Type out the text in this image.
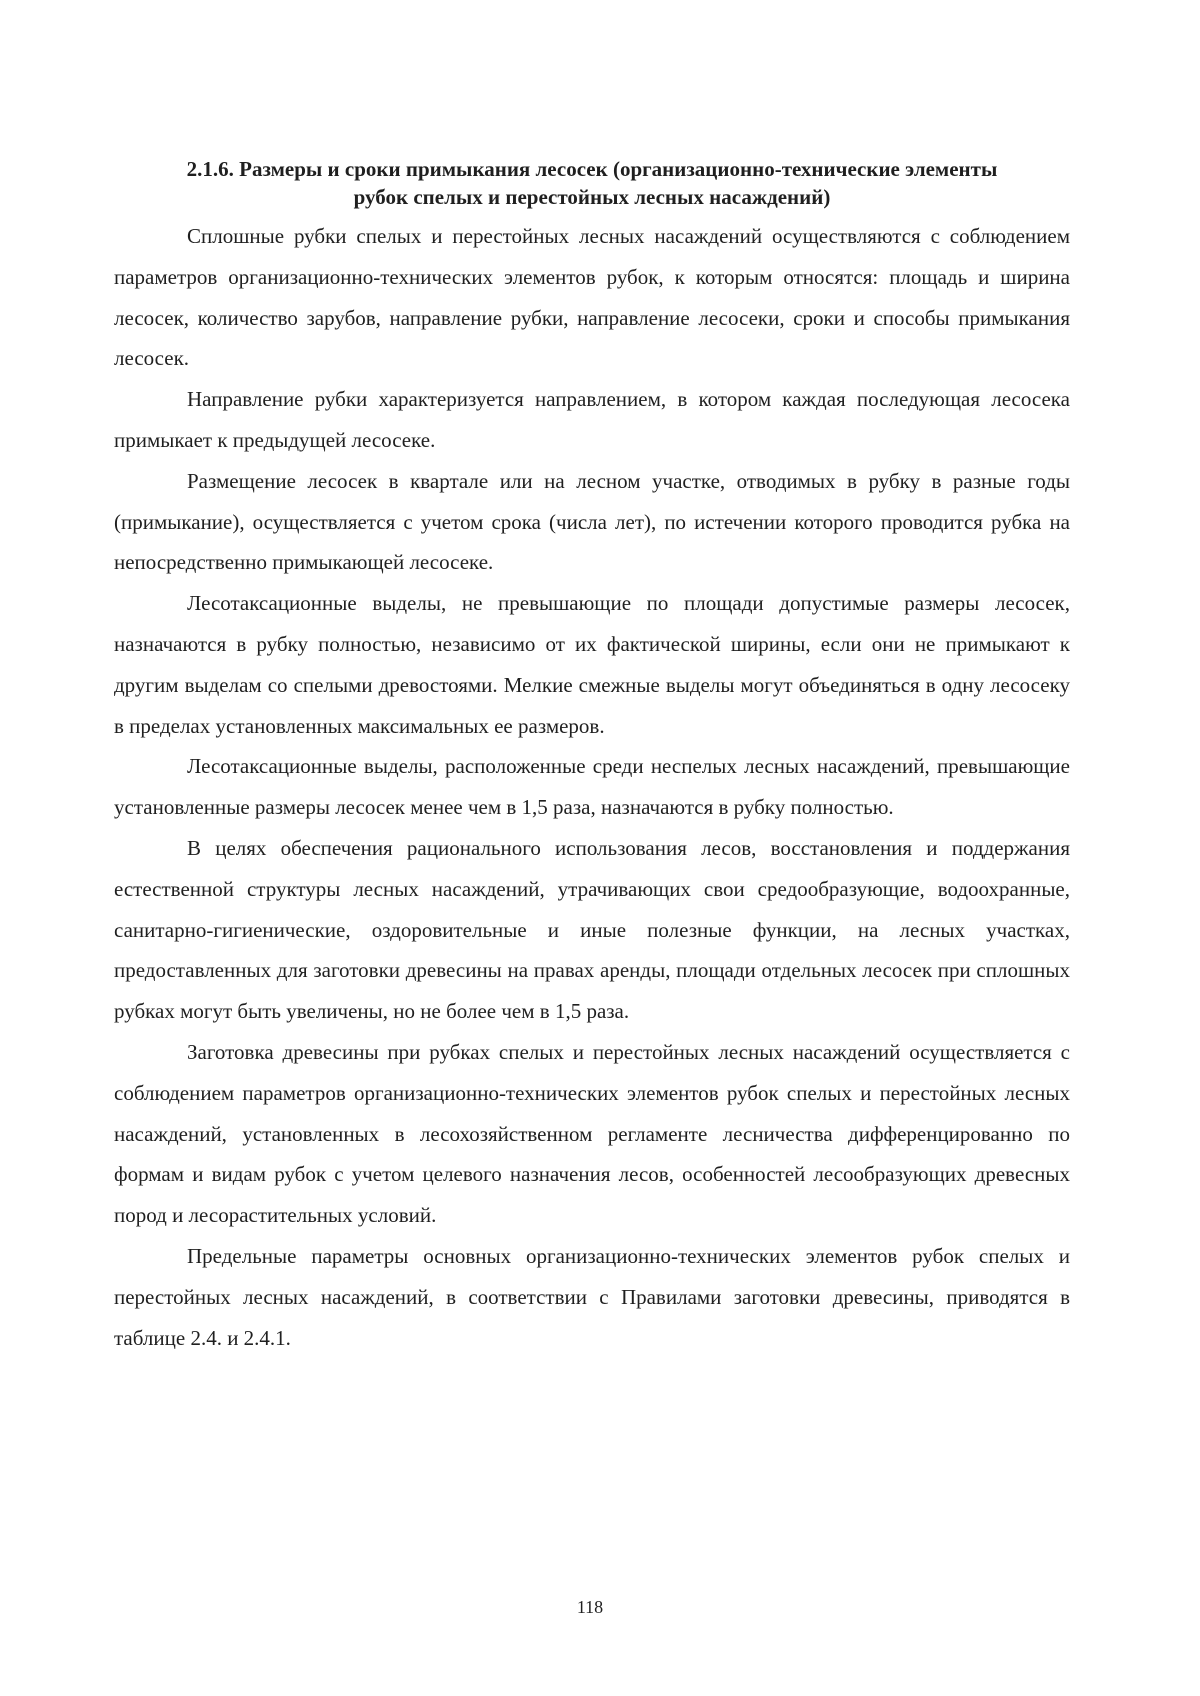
2.1.6. Размеры и сроки примыкания лесосек (организационно-технические элементы
рубок спелых и перестойных лесных насаждений)

Сплошные рубки спелых и перестойных лесных насаждений осуществляются с соблюдением параметров организационно-технических элементов рубок, к которым относятся: площадь и ширина лесосек, количество зарубов, направление рубки, направление лесосеки, сроки и способы примыкания лесосек.

Направление рубки характеризуется направлением, в котором каждая последующая лесосека примыкает к предыдущей лесосеке.

Размещение лесосек в квартале или на лесном участке, отводимых в рубку в разные годы (примыкание), осуществляется с учетом срока (числа лет), по истечении которого проводится рубка на непосредственно примыкающей лесосеке.

Лесотаксационные выделы, не превышающие по площади допустимые размеры лесосек, назначаются в рубку полностью, независимо от их фактической ширины, если они не примыкают к другим выделам со спелыми древостоями. Мелкие смежные выделы могут объединяться в одну лесосеку в пределах установленных максимальных ее размеров.

Лесотаксационные выделы, расположенные среди неспелых лесных насаждений, превышающие установленные размеры лесосек менее чем в 1,5 раза, назначаются в рубку полностью.

В целях обеспечения рационального использования лесов, восстановления и поддержания естественной структуры лесных насаждений, утрачивающих свои средообразующие, водоохранные, санитарно-гигиенические, оздоровительные и иные полезные функции, на лесных участках, предоставленных для заготовки древесины на правах аренды, площади отдельных лесосек при сплошных рубках могут быть увеличены, но не более чем в 1,5 раза.

Заготовка древесины при рубках спелых и перестойных лесных насаждений осуществляется с соблюдением параметров организационно-технических элементов рубок спелых и перестойных лесных насаждений, установленных в лесохозяйственном регламенте лесничества дифференцированно по формам и видам рубок с учетом целевого назначения лесов, особенностей лесообразующих древесных пород и лесорастительных условий.

Предельные параметры основных организационно-технических элементов рубок спелых и перестойных лесных насаждений, в соответствии с Правилами заготовки древесины, приводятся в таблице 2.4. и 2.4.1.

118
